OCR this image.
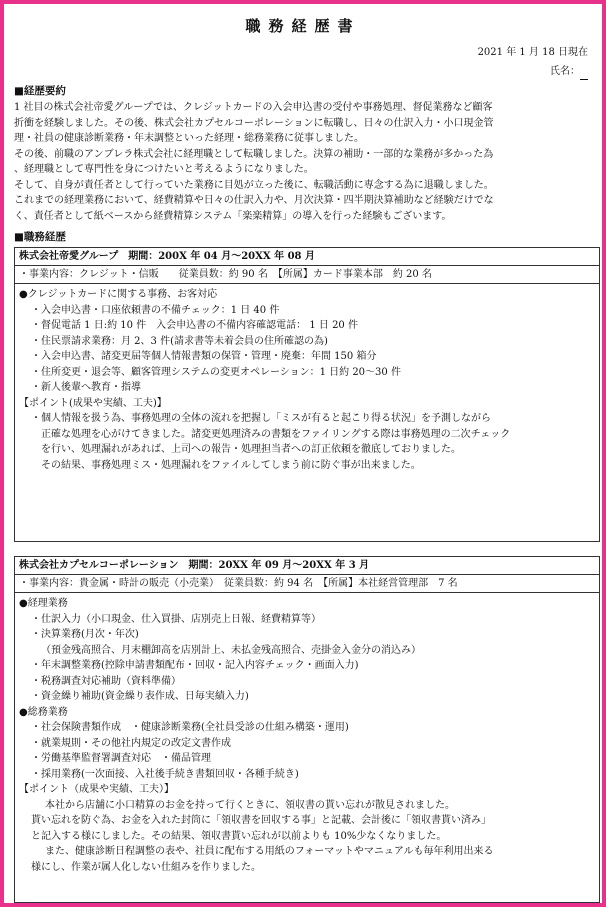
職務経歴書
2021 年 1 月 18 日現在
氏名：
■経歴要約

1 社目の株式会社帝愛グループでは、クレジットカードの入会申込書の受付や事務処理、督促業務など顧客

折衝を経験しました。その後、株式会社カプセルコーポレーションに転職し、日々の仕訳入力・小口現金管

理・社員の健康診断業務・年末調整といった経理・総務業務に従事しました。

その後、前職のアンブレラ株式会社に経理職として転職しました。決算の補助・一部的な業務が多かった為

、経理職として専門性を身につけたいと考えるようになりました。

そして、自身が責任者として行っていた業務に目処が立った後に、転職活動に専念する為に退職しました。

これまでの経理業務において、経費精算や日々の仕訳入力や、月次決算・四半期決算補助など経験だけでな

く、責任者として紙ベースから経費精算システム「楽楽精算」の導入を行った経験もございます。

■職務経歴
株式会社帝愛グループ　期間：200X 年 04 月〜20XX 年 08 月
・事業内容：クレジット・信販　　従業員数：約 90 名　【所属】カード事業本部　約 20 名
●クレジットカードに関する事務、お客対応
・入会申込書・口座依頼書の不備チェック：1 日 40 件
・督促電話 1 日:約 10 件　入会申込書の不備内容確認電話： 1 日 20 件
・住民票請求業務：月 2、3 件(請求書等未着会員の住所確認の為)
・入会申込書、諸変更届等個人情報書類の保管・管理・廃棄：年間 150 箱分
・住所変更・退会等、顧客管理システムの変更オペレーション：1 日約 20〜30 件
・新人後輩へ教育・指導
【ポイント(成果や実績、工夫)】
・個人情報を扱う為、事務処理の全体の流れを把握し「ミスが有ると起こり得る状況」を予測しながら
正確な処理を心がけてきました。諸変更処理済みの書類をファイリングする際は事務処理の二次チェック
を行い、処理漏れがあれば、上司への報告・処理担当者への訂正依頼を徹底しておりました。
その結果、事務処理ミス・処理漏れをファイルしてしまう前に防ぐ事が出来ました。
株式会社カプセルコーポレーション　期間：20XX 年 09 月〜20XX 年 3 月
・事業内容：貴金属・時計の販売（小売業）　従業員数：約 94 名　【所属】本社経営管理部　7 名
●経理業務
・仕訳入力（小口現金、仕入買掛、店別売上日報、経費精算等）
・決算業務(月次・年次)
（預金残高照合、月末棚卸高を店別計上、未払金残高照合、売掛金入金分の消込み）
・年末調整業務(控除申請書類配布・回収・記入内容チェック・画面入力)
・税務調査対応補助（資料準備）
・資金繰り補助(資金繰り表作成、日毎実績入力)
●総務業務
・社会保険書類作成　・健康診断業務(全社員受診の仕組み構築・運用)
・就業規則・その他社内規定の改定文書作成
・労働基準監督署調査対応　・備品管理
・採用業務(一次面接、入社後手続き書類回収・各種手続き)
【ポイント（成果や実績、工夫）】
本社から店舗に小口精算のお金を持って行くときに、領収書の貰い忘れが散見されました。
貰い忘れを防ぐ為、お金を入れた封筒に「領収書を回収する事」と記載、会計後に「領収書貰い済み」
と記入する様にしました。その結果、領収書貰い忘れが以前よりも 10%少なくなりました。
また、健康診断日程調整の表や、社員に配布する用紙のフォーマットやマニュアルも毎年利用出来る
様にし、作業が属人化しない仕組みを作りました。
